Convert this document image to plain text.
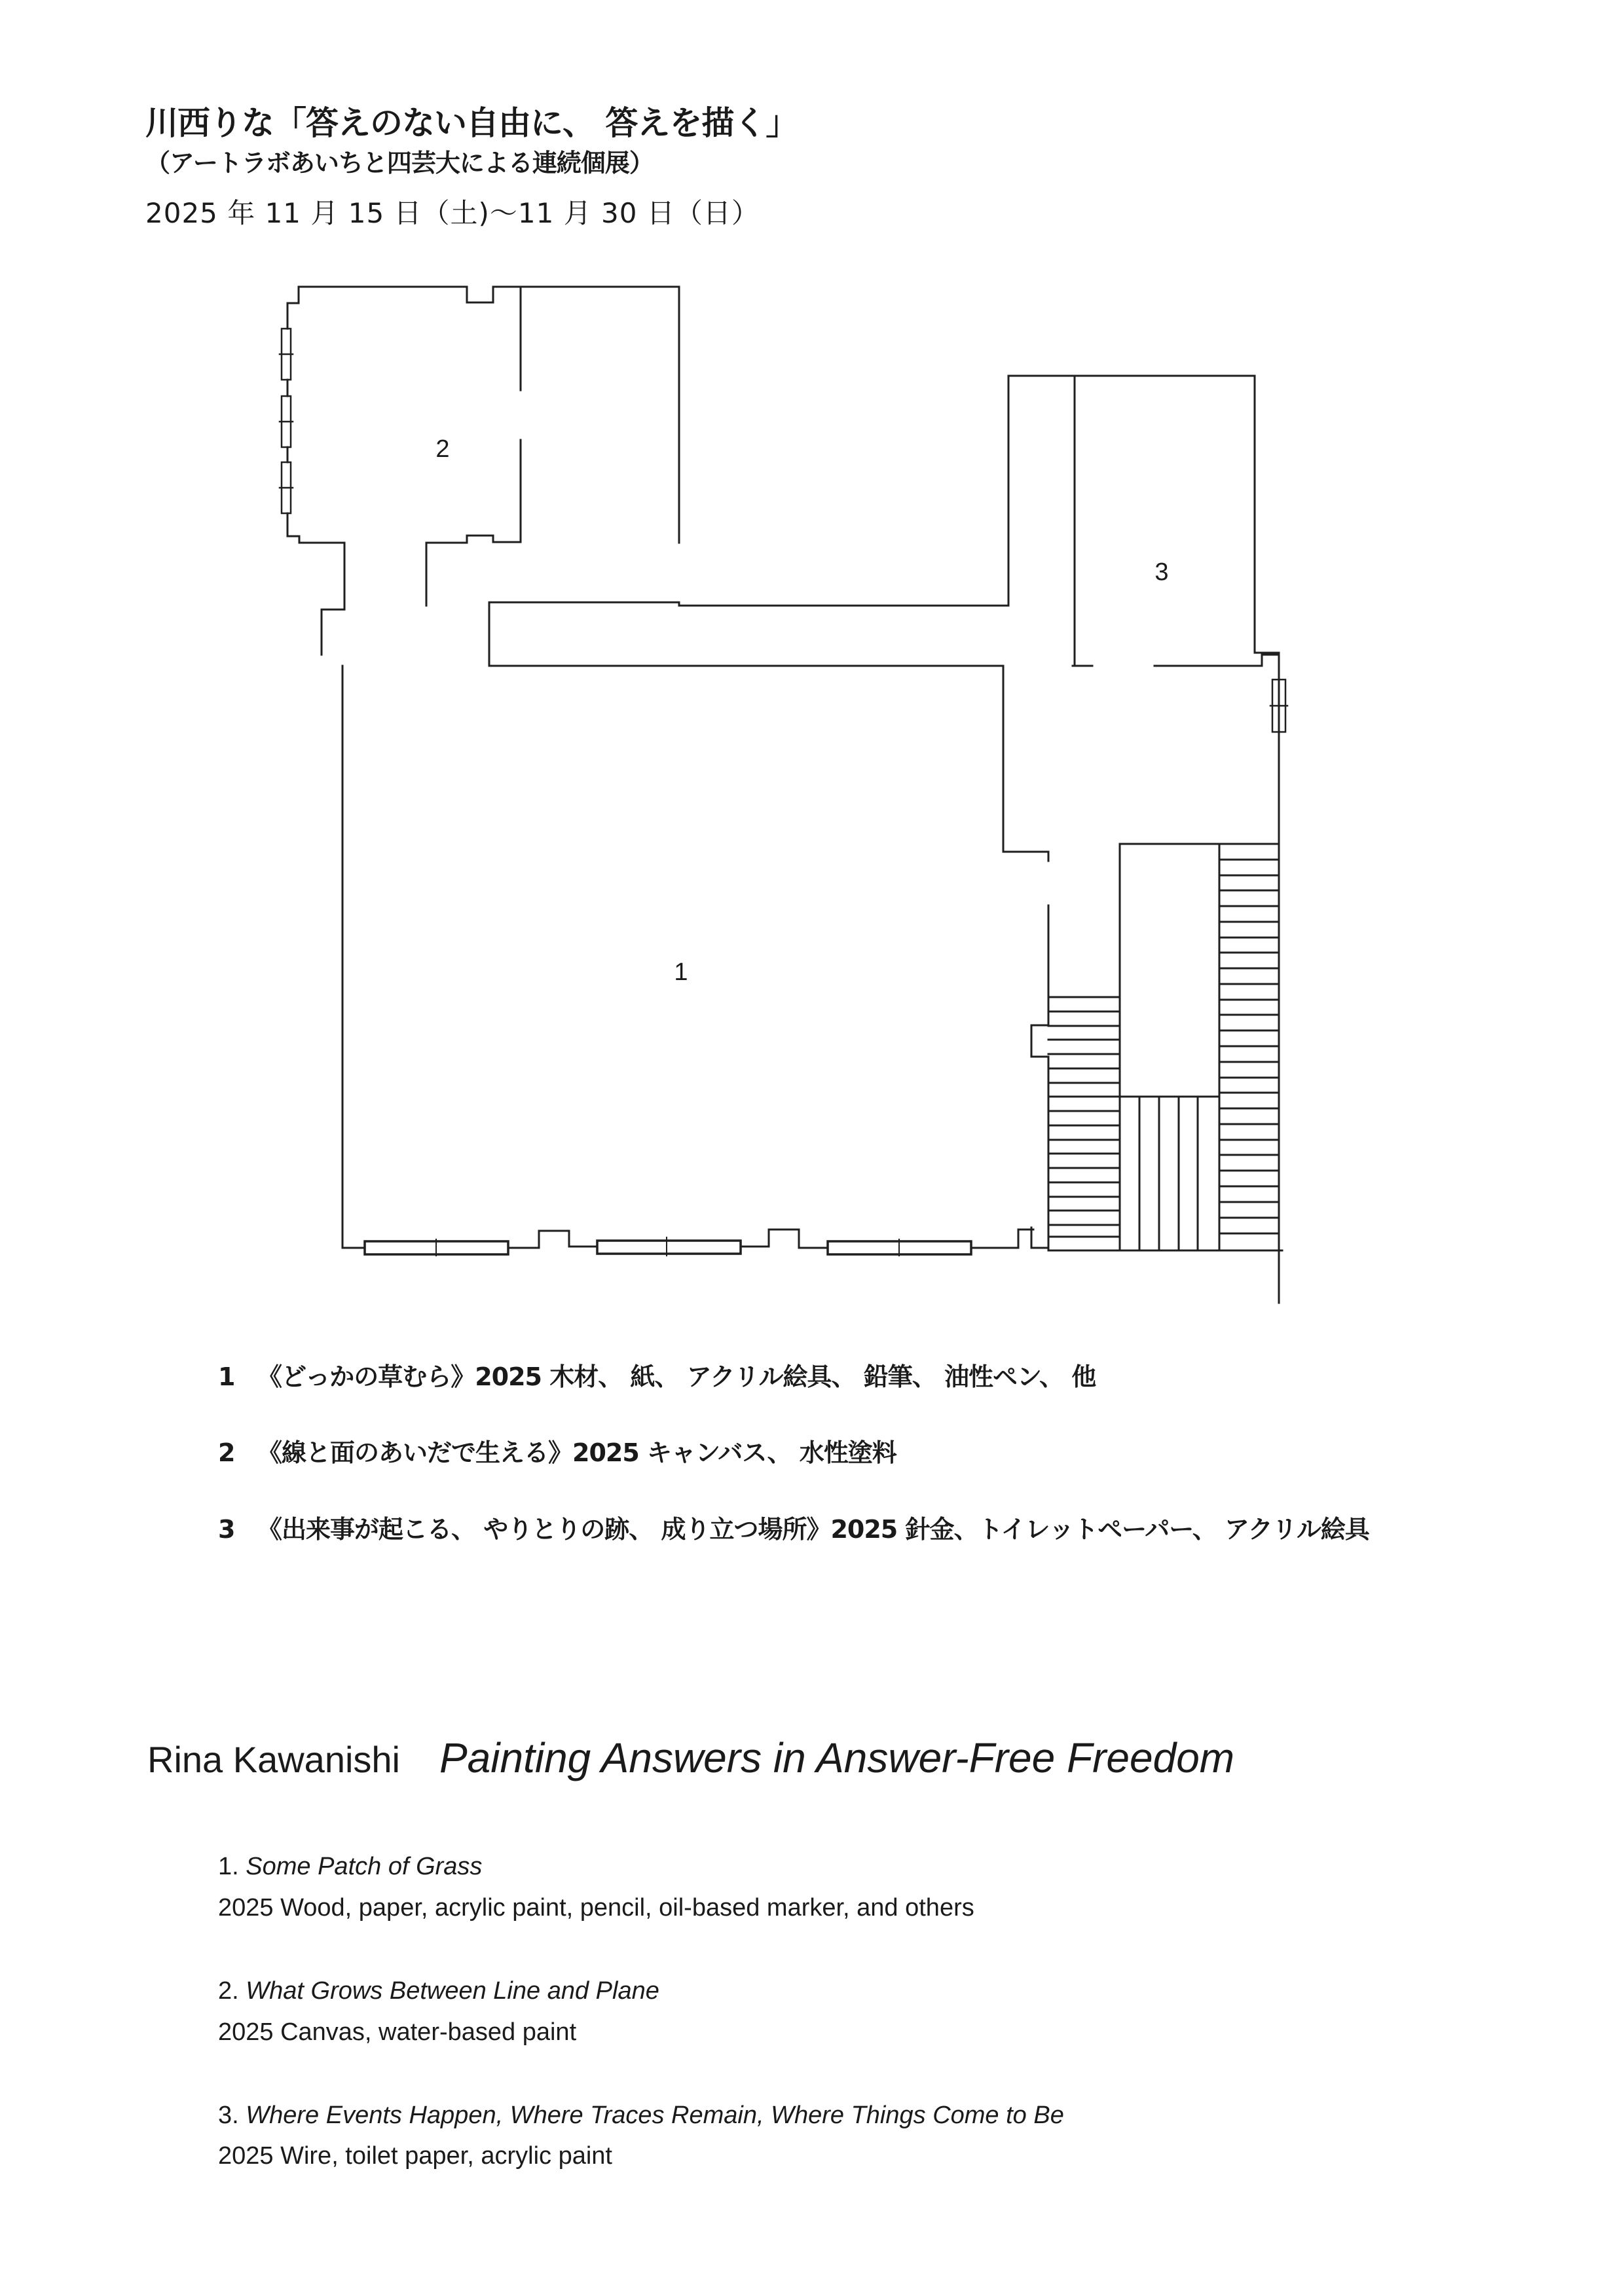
川西りな「答えのない自由に、 答えを描く」
（アートラボあいちと四芸大による連続個展）
2025 年 11 月 15 日（土)～11 月 30 日（日）
2
3
1
1 《どっかの草むら》2025 木材、 紙、 アクリル絵具、 鉛筆、 油性ペン、 他
2 《線と面のあいだで生える》2025 キャンバス、 水性塗料
3 《出来事が起こる、 やりとりの跡、 成り立つ場所》2025 針金、トイレットペーパー、 アクリル絵具
Rina Kawanishi Painting Answers in Answer-Free Freedom
1. Some Patch of Grass
2025 Wood, paper, acrylic paint, pencil, oil-based marker, and others
2. What Grows Between Line and Plane
2025 Canvas, water-based paint
3. Where Events Happen, Where Traces Remain, Where Things Come to Be
2025 Wire, toilet paper, acrylic paint
